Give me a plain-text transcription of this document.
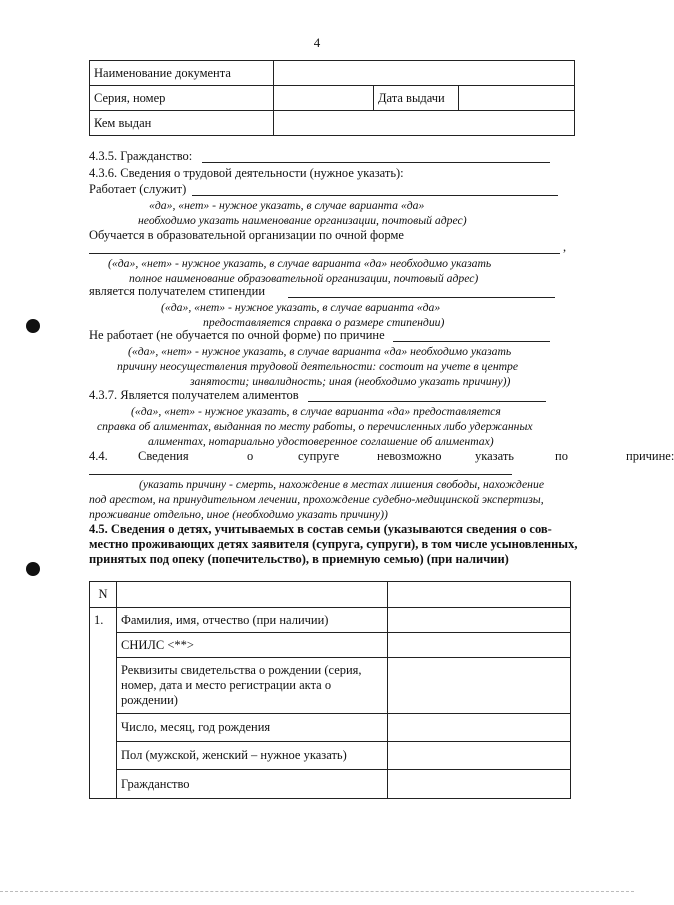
4
Наименование документа			
Серия, номер		Дата выдачи	
Кем выдан			
4.3.5. Гражданство:
4.3.6. Сведения о трудовой деятельности (нужное указать):
Работает (служит)
«да», «нет» - нужное указать, в случае варианта «да»
необходимо указать наименование организации, почтовый адрес)
Обучается в образовательной организации по очной форме
,
(«да», «нет» - нужное указать, в случае варианта «да» необходимо указать
полное наименование образовательной организации, почтовый адрес)
является получателем стипендии
(«да», «нет» - нужное указать, в случае варианта «да»
предоставляется справка о размере стипендии)
Не работает (не обучается по очной форме) по причине
(«да», «нет» - нужное указать, в случае варианта «да» необходимо указать
причину неосуществления трудовой деятельности: состоит на учете в центре
занятости; инвалидность; иная (необходимо указать причину))
4.3.7. Является получателем алиментов
(«да», «нет» - нужное указать, в случае варианта «да» предоставляется
справка об алиментах, выданная по месту работы, о перечисленных либо удержанных
алиментах, нотариально удостоверенное соглашение об алиментах)
4.4. Сведения	о	супруге	невозможно	указать	по	причине:
(указать причину - смерть, нахождение в местах лишения свободы, нахождение
под арестом, на принудительном лечении, прохождение судебно-медицинской экспертизы,
проживание отдельно, иное (необходимо указать причину))
4.5. Сведения о детях, учитываемых в состав семьи (указываются сведения о сов-
местно проживающих детях заявителя (супруга, супруги), в том числе усыновленных,
принятых под опеку (попечительство), в приемную семью) (при наличии)
N		
1.	Фамилия, имя, отчество (при наличии)	
	СНИЛС <**>	
	Реквизиты свидетельства о рождении (серия, номер, дата и место регистрации акта о рождении)	
	Число, месяц, год рождения	
	Пол (мужской, женский – нужное указать)	
	Гражданство	
